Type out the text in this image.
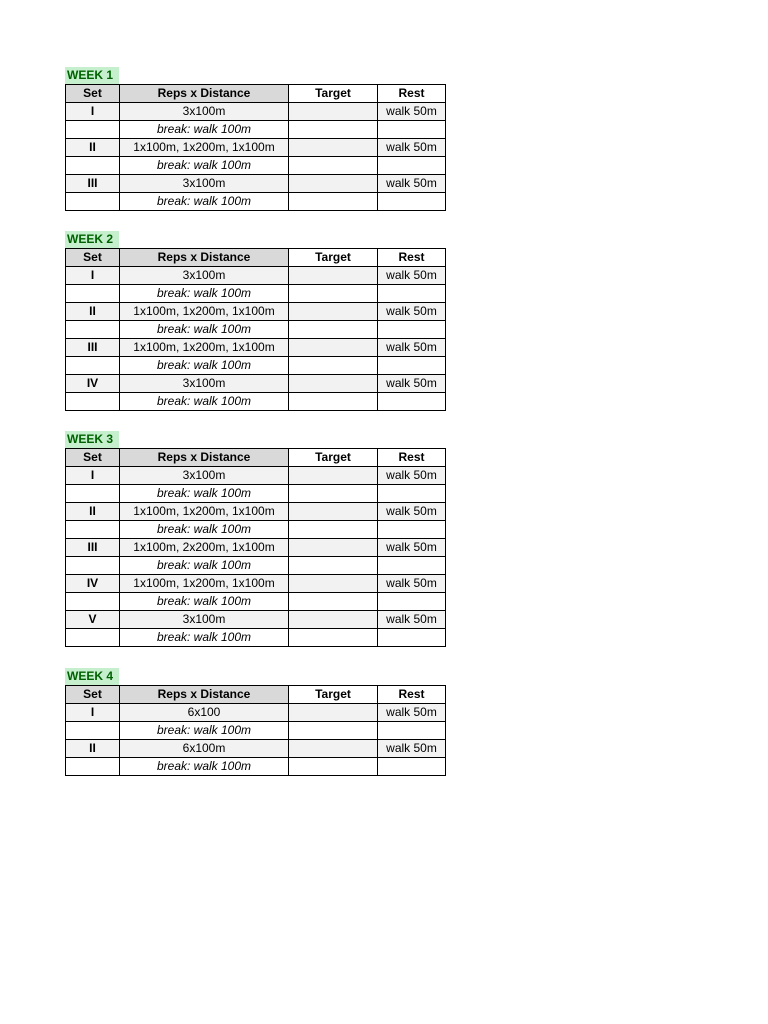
WEEK 1
Set	Reps x Distance	Target	Rest
I	3x100m		walk 50m
	break: walk 100m		
II	1x100m, 1x200m, 1x100m		walk 50m
	break: walk 100m		
III	3x100m		walk 50m
	break: walk 100m		
WEEK 2
Set	Reps x Distance	Target	Rest
I	3x100m		walk 50m
	break: walk 100m		
II	1x100m, 1x200m, 1x100m		walk 50m
	break: walk 100m		
III	1x100m, 1x200m, 1x100m		walk 50m
	break: walk 100m		
IV	3x100m		walk 50m
	break: walk 100m		
WEEK 3
Set	Reps x Distance	Target	Rest
I	3x100m		walk 50m
	break: walk 100m		
II	1x100m, 1x200m, 1x100m		walk 50m
	break: walk 100m		
III	1x100m, 2x200m, 1x100m		walk 50m
	break: walk 100m		
IV	1x100m, 1x200m, 1x100m		walk 50m
	break: walk 100m		
V	3x100m		walk 50m
	break: walk 100m		
WEEK 4
Set	Reps x Distance	Target	Rest
I	6x100		walk 50m
	break: walk 100m		
II	6x100m		walk 50m
	break: walk 100m		
